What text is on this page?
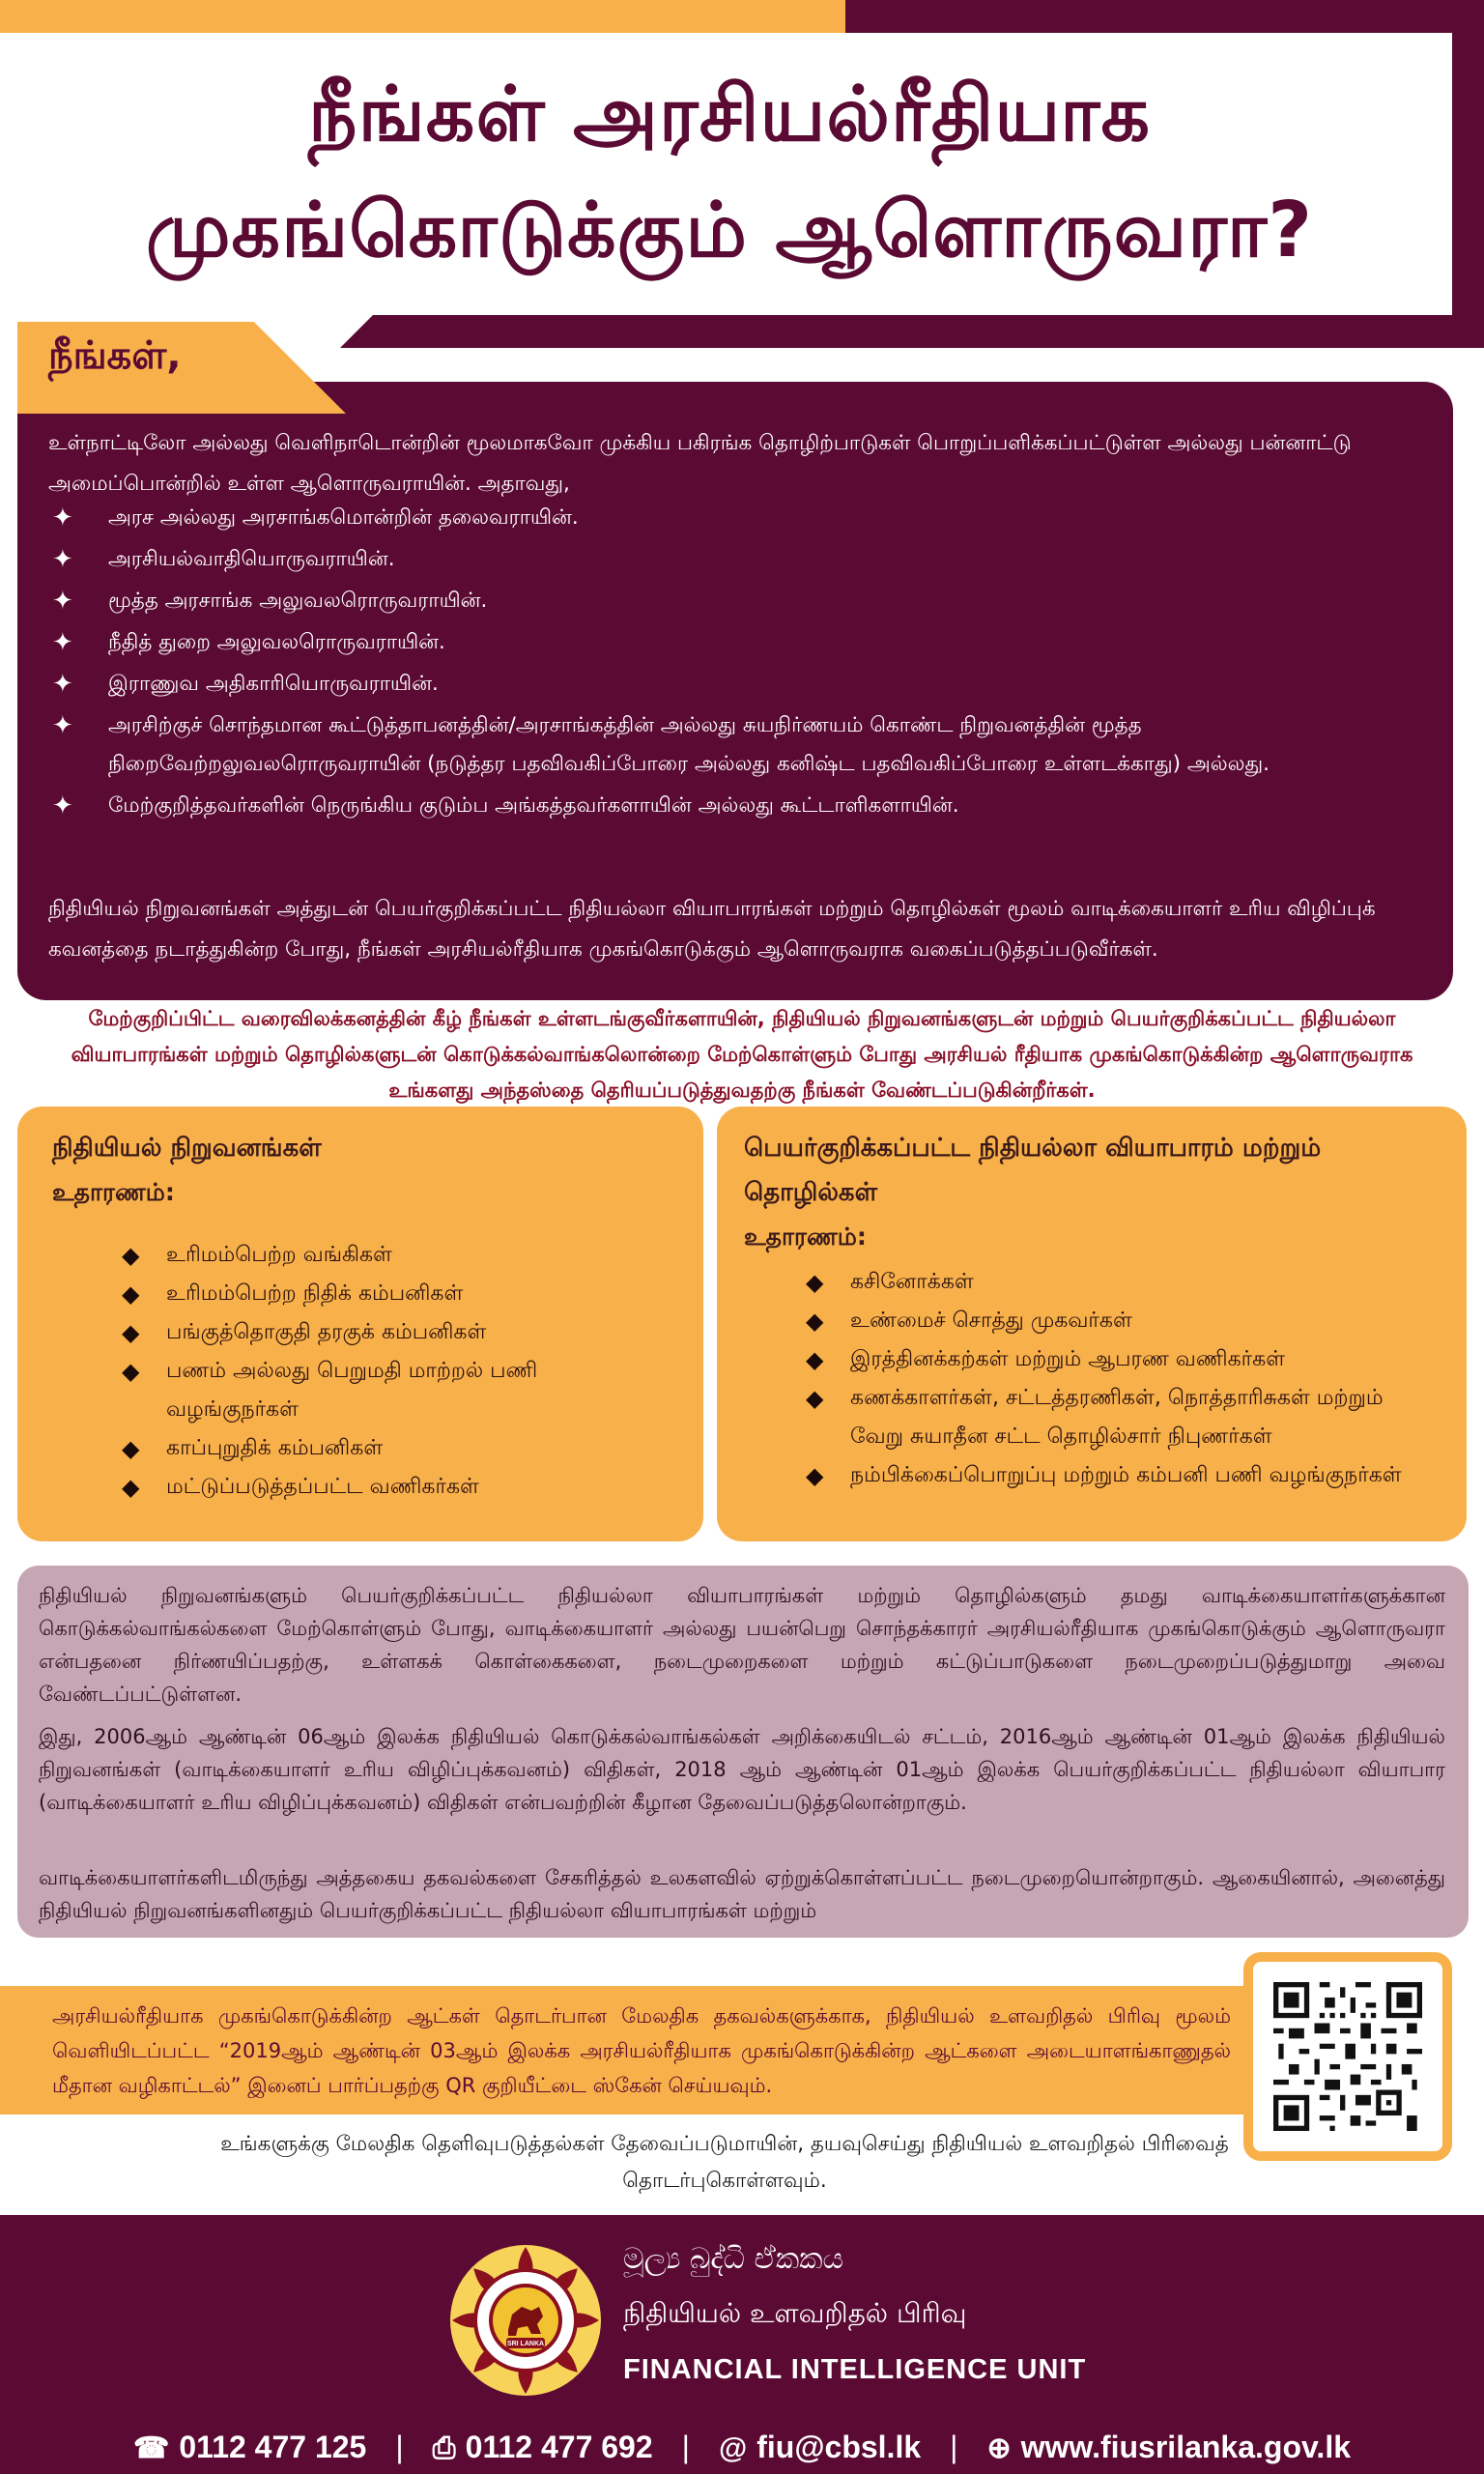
நீங்கள் அரசியல்ரீதியாக
முகங்கொடுக்கும் ஆளொருவரா?
நீங்கள்,
உள்நாட்டிலோ அல்லது வெளிநாடொன்றின் மூலமாகவோ முக்கிய பகிரங்க தொழிற்பாடுகள் பொறுப்பளிக்கப்பட்டுள்ள அல்லது பன்னாட்டு அமைப்பொன்றில் உள்ள ஆளொருவராயின். அதாவது,
✦ அரச அல்லது அரசாங்கமொன்றின் தலைவராயின்.
✦ அரசியல்வாதியொருவராயின்.
✦ மூத்த அரசாங்க அலுவலரொருவராயின்.
✦ நீதித் துறை அலுவலரொருவராயின்.
✦ இராணுவ அதிகாரியொருவராயின்.
✦ அரசிற்குச் சொந்தமான கூட்டுத்தாபனத்தின்/அரசாங்கத்தின் அல்லது சுயநிர்ணயம் கொண்ட நிறுவனத்தின் மூத்த நிறைவேற்றலுவலரொருவராயின் (நடுத்தர பதவிவகிப்போரை அல்லது கனிஷ்ட பதவிவகிப்போரை உள்ளடக்காது) அல்லது.
✦ மேற்குறித்தவர்களின் நெருங்கிய குடும்ப அங்கத்தவர்களாயின் அல்லது கூட்டாளிகளாயின்.
நிதியியல் நிறுவனங்கள் அத்துடன் பெயர்குறிக்கப்பட்ட நிதியல்லா வியாபாரங்கள் மற்றும் தொழில்கள் மூலம் வாடிக்கையாளர் உரிய விழிப்புக் கவனத்தை நடாத்துகின்ற போது, நீங்கள் அரசியல்ரீதியாக முகங்கொடுக்கும் ஆளொருவராக வகைப்படுத்தப்படுவீர்கள்.
மேற்குறிப்பிட்ட வரைவிலக்கனத்தின் கீழ் நீங்கள் உள்ளடங்குவீர்களாயின், நிதியியல் நிறுவனங்களுடன் மற்றும் பெயர்குறிக்கப்பட்ட நிதியல்லா வியாபாரங்கள் மற்றும் தொழில்களுடன் கொடுக்கல்வாங்கலொன்றை மேற்கொள்ளும் போது அரசியல் ரீதியாக முகங்கொடுக்கின்ற ஆளொருவராக உங்களது அந்தஸ்தை தெரியப்படுத்துவதற்கு நீங்கள் வேண்டப்படுகின்றீர்கள்.
நிதியியல் நிறுவனங்கள்
உதாரணம்:
◆ உரிமம்பெற்ற வங்கிகள்
◆ உரிமம்பெற்ற நிதிக் கம்பனிகள்
◆ பங்குத்தொகுதி தரகுக் கம்பனிகள்
◆ பணம் அல்லது பெறுமதி மாற்றல் பணி வழங்குநர்கள்
◆ காப்புறுதிக் கம்பனிகள்
◆ மட்டுப்படுத்தப்பட்ட வணிகர்கள்
பெயர்குறிக்கப்பட்ட நிதியல்லா வியாபாரம் மற்றும் தொழில்கள்
உதாரணம்:
◆ கசினோக்கள்
◆ உண்மைச் சொத்து முகவர்கள்
◆ இரத்தினக்கற்கள் மற்றும் ஆபரண வணிகர்கள்
◆ கணக்காளர்கள், சட்டத்தரணிகள், நொத்தாரிசுகள் மற்றும் வேறு சுயாதீன சட்ட தொழில்சார் நிபுணர்கள்
◆ நம்பிக்கைப்பொறுப்பு மற்றும் கம்பனி பணி வழங்குநர்கள்

நிதியியல் நிறுவனங்களும் பெயர்குறிக்கப்பட்ட நிதியல்லா வியாபாரங்கள் மற்றும் தொழில்களும் தமது வாடிக்கையாளர்களுக்கான கொடுக்கல்வாங்கல்களை மேற்கொள்ளும் போது, வாடிக்கையாளர் அல்லது பயன்பெறு சொந்தக்காரர் அரசியல்ரீதியாக முகங்கொடுக்கும் ஆளொருவரா என்பதனை நிர்ணயிப்பதற்கு, உள்ளகக் கொள்கைகளை, நடைமுறைகளை மற்றும் கட்டுப்பாடுகளை நடைமுறைப்படுத்துமாறு அவை வேண்டப்பட்டுள்ளன.

இது, 2006ஆம் ஆண்டின் 06ஆம் இலக்க நிதியியல் கொடுக்கல்வாங்கல்கள் அறிக்கையிடல் சட்டம், 2016ஆம் ஆண்டின் 01ஆம் இலக்க நிதியியல் நிறுவனங்கள் (வாடிக்கையாளர் உரிய விழிப்புக்கவனம்) விதிகள், 2018 ஆம் ஆண்டின் 01ஆம் இலக்க பெயர்குறிக்கப்பட்ட நிதியல்லா வியாபார (வாடிக்கையாளர் உரிய விழிப்புக்கவனம்) விதிகள் என்பவற்றின் கீழான தேவைப்படுத்தலொன்றாகும்.

வாடிக்கையாளர்களிடமிருந்து அத்தகைய தகவல்களை சேகரித்தல் உலகளவில் ஏற்றுக்கொள்ளப்பட்ட நடைமுறையொன்றாகும். ஆகையினால், அனைத்து நிதியியல் நிறுவனங்களினதும் பெயர்குறிக்கப்பட்ட நிதியல்லா வியாபாரங்கள் மற்றும்

அரசியல்ரீதியாக முகங்கொடுக்கின்ற ஆட்கள் தொடர்பான மேலதிக தகவல்களுக்காக, நிதியியல் உளவறிதல் பிரிவு மூலம் வெளியிடப்பட்ட “2019ஆம் ஆண்டின் 03ஆம் இலக்க அரசியல்ரீதியாக முகங்கொடுக்கின்ற ஆட்களை அடையாளங்காணுதல் மீதான வழிகாட்டல்” இனைப் பார்ப்பதற்கு QR குறியீட்டை ஸ்கேன் செய்யவும்.
உங்களுக்கு மேலதிக தெளிவுபடுத்தல்கள் தேவைப்படுமாயின், தயவுசெய்து நிதியியல் உளவறிதல் பிரிவைத் தொடர்புகொள்ளவும்.
SRI LANKA
මූල්‍ය බුද්ධි ඒකකය
நிதியியல் உளவறிதல் பிரிவு
FINANCIAL INTELLIGENCE UNIT
☎ 0112 477 125 | ⎙ 0112 477 692 | @ fiu@cbsl.lk | ⊕ www.fiusrilanka.gov.lk
